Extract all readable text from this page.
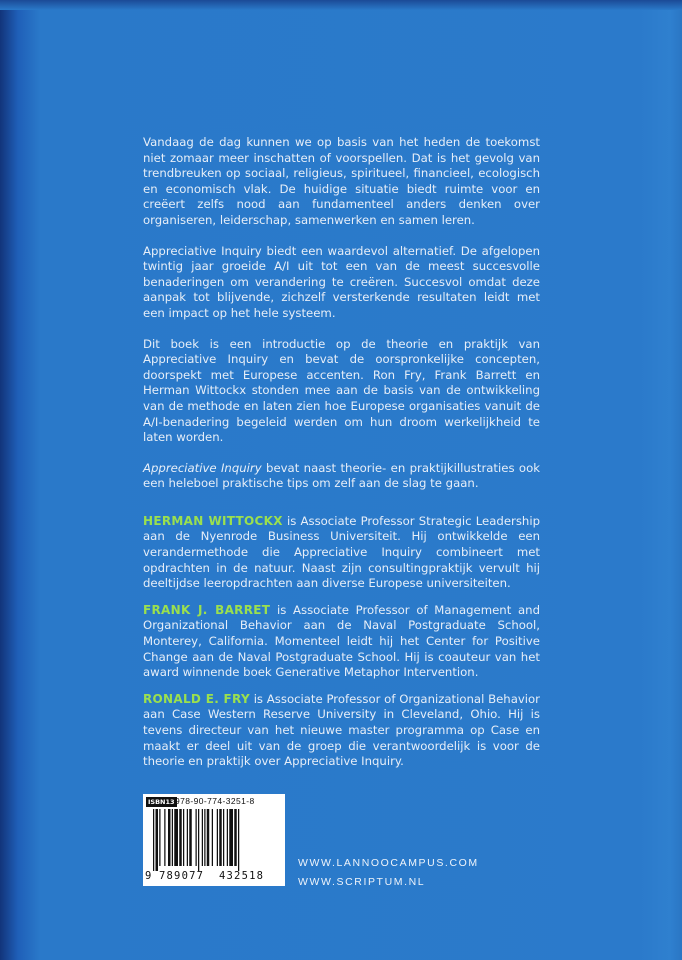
Vandaag de dag kunnen we op basis van het heden de toekomst niet zomaar meer inschatten of voorspellen. Dat is het gevolg van trendbreuken op sociaal, religieus, spiritueel, financieel, ecologisch en economisch vlak. De huidige situatie biedt ruimte voor en creëert zelfs nood aan fundamenteel anders denken over organiseren, leiderschap, samenwerken en samen leren.

Appreciative Inquiry biedt een waardevol alternatief. De afgelopen twintig jaar groeide A/I uit tot een van de meest succesvolle benaderingen om verandering te creëren. Succesvol omdat deze aanpak tot blijvende, zichzelf versterkende resultaten leidt met een impact op het hele systeem.

Dit boek is een introductie op de theorie en praktijk van Appreciative Inquiry en bevat de oorspronkelijke concepten, doorspekt met Europese accenten. Ron Fry, Frank Barrett en Herman Wittockx stonden mee aan de basis van de ontwikkeling van de methode en laten zien hoe Europese organisaties vanuit de A/I-benadering begeleid werden om hun droom werkelijkheid te laten worden.

Appreciative Inquiry bevat naast theorie- en praktijkillustraties ook een heleboel praktische tips om zelf aan de slag te gaan.

HERMAN WITTOCKX is Associate Professor Strategic Leadership aan de Nyenrode Business Universiteit. Hij ontwikkelde een verandermethode die Appreciative Inquiry combineert met opdrachten in de natuur. Naast zijn consultingpraktijk vervult hij deeltijdse leeropdrachten aan diverse Europese universiteiten.

FRANK J. BARRET is Associate Professor of Management and Organizational Behavior aan de Naval Postgraduate School, Monterey, California. Momenteel leidt hij het Center for Positive Change aan de Naval Postgraduate School. Hij is coauteur van het award winnende boek Generative Metaphor Intervention.

RONALD E. FRY is Associate Professor of Organizational Behavior aan Case Western Reserve University in Cleveland, Ohio. Hij is tevens directeur van het nieuwe master programma op Case en maakt er deel uit van de groep die verantwoordelijk is voor de theorie en praktijk over Appreciative Inquiry.

ISBN13 978-90-774-3251-8
9 789077 432518
WWW.LANNOOCAMPUS.COM
WWW.SCRIPTUM.NL
